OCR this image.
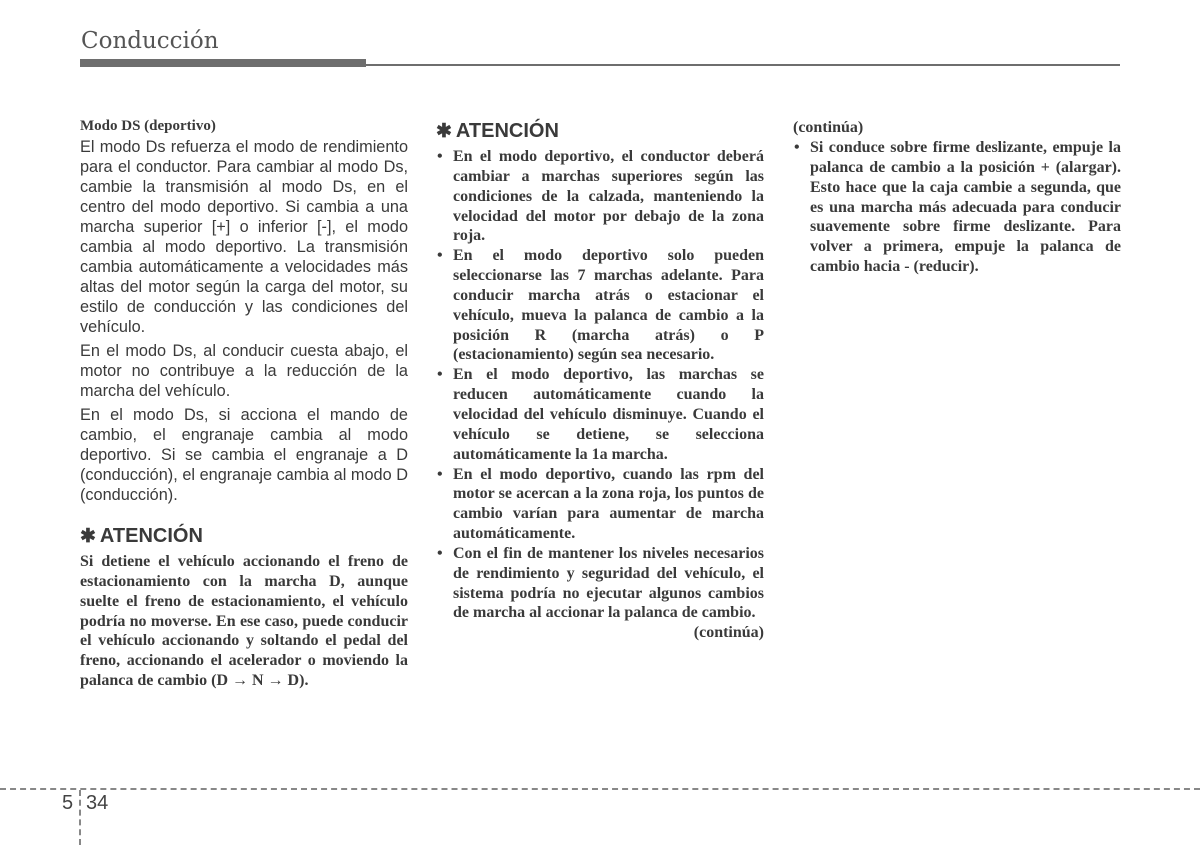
Conducción

Modo DS (deportivo)

El modo Ds refuerza el modo de rendimiento para el conductor. Para cambiar al modo Ds, cambie la transmisión al modo Ds, en el centro del modo deportivo. Si cambia a una marcha superior [+] o inferior [-], el modo cambia al modo deportivo. La transmisión cambia automáticamente a velocidades más altas del motor según la carga del motor, su estilo de conducción y las condiciones del vehículo.

En el modo Ds, al conducir cuesta abajo, el motor no contribuye a la reducción de la marcha del vehículo.

En el modo Ds, si acciona el mando de cambio, el engranaje cambia al modo deportivo. Si se cambia el engranaje a D (conducción), el engranaje cambia al modo D (conducción).

✱ ATENCIÓN

Si detiene el vehículo accionando el freno de estacionamiento con la marcha D, aunque suelte el freno de estacionamiento, el vehículo podría no moverse. En ese caso, puede conducir el vehículo accionando y soltando el pedal del freno, accionando el acelerador o moviendo la palanca de cambio (D → N → D).

✱ ATENCIÓN
• En el modo deportivo, el conductor deberá cambiar a marchas superiores según las condiciones de la calzada, manteniendo la velocidad del motor por debajo de la zona roja.
• En el modo deportivo solo pueden seleccionarse las 7 marchas adelante. Para conducir marcha atrás o estacionar el vehículo, mueva la palanca de cambio a la posición R (marcha atrás) o P (estacionamiento) según sea necesario.
• En el modo deportivo, las marchas se reducen automáticamente cuando la velocidad del vehículo disminuye. Cuando el vehículo se detiene, se selecciona automáticamente la 1a marcha.
• En el modo deportivo, cuando las rpm del motor se acercan a la zona roja, los puntos de cambio varían para aumentar de marcha automáticamente.
• Con el fin de mantener los niveles necesarios de rendimiento y seguridad del vehículo, el sistema podría no ejecutar algunos cambios de marcha al accionar la palanca de cambio.
(continúa)
(continúa)
• Si conduce sobre firme deslizante, empuje la palanca de cambio a la posición + (alargar). Esto hace que la caja cambie a segunda, que es una marcha más adecuada para conducir suavemente sobre firme deslizante. Para volver a primera, empuje la palanca de cambio hacia - (reducir).
5 34
